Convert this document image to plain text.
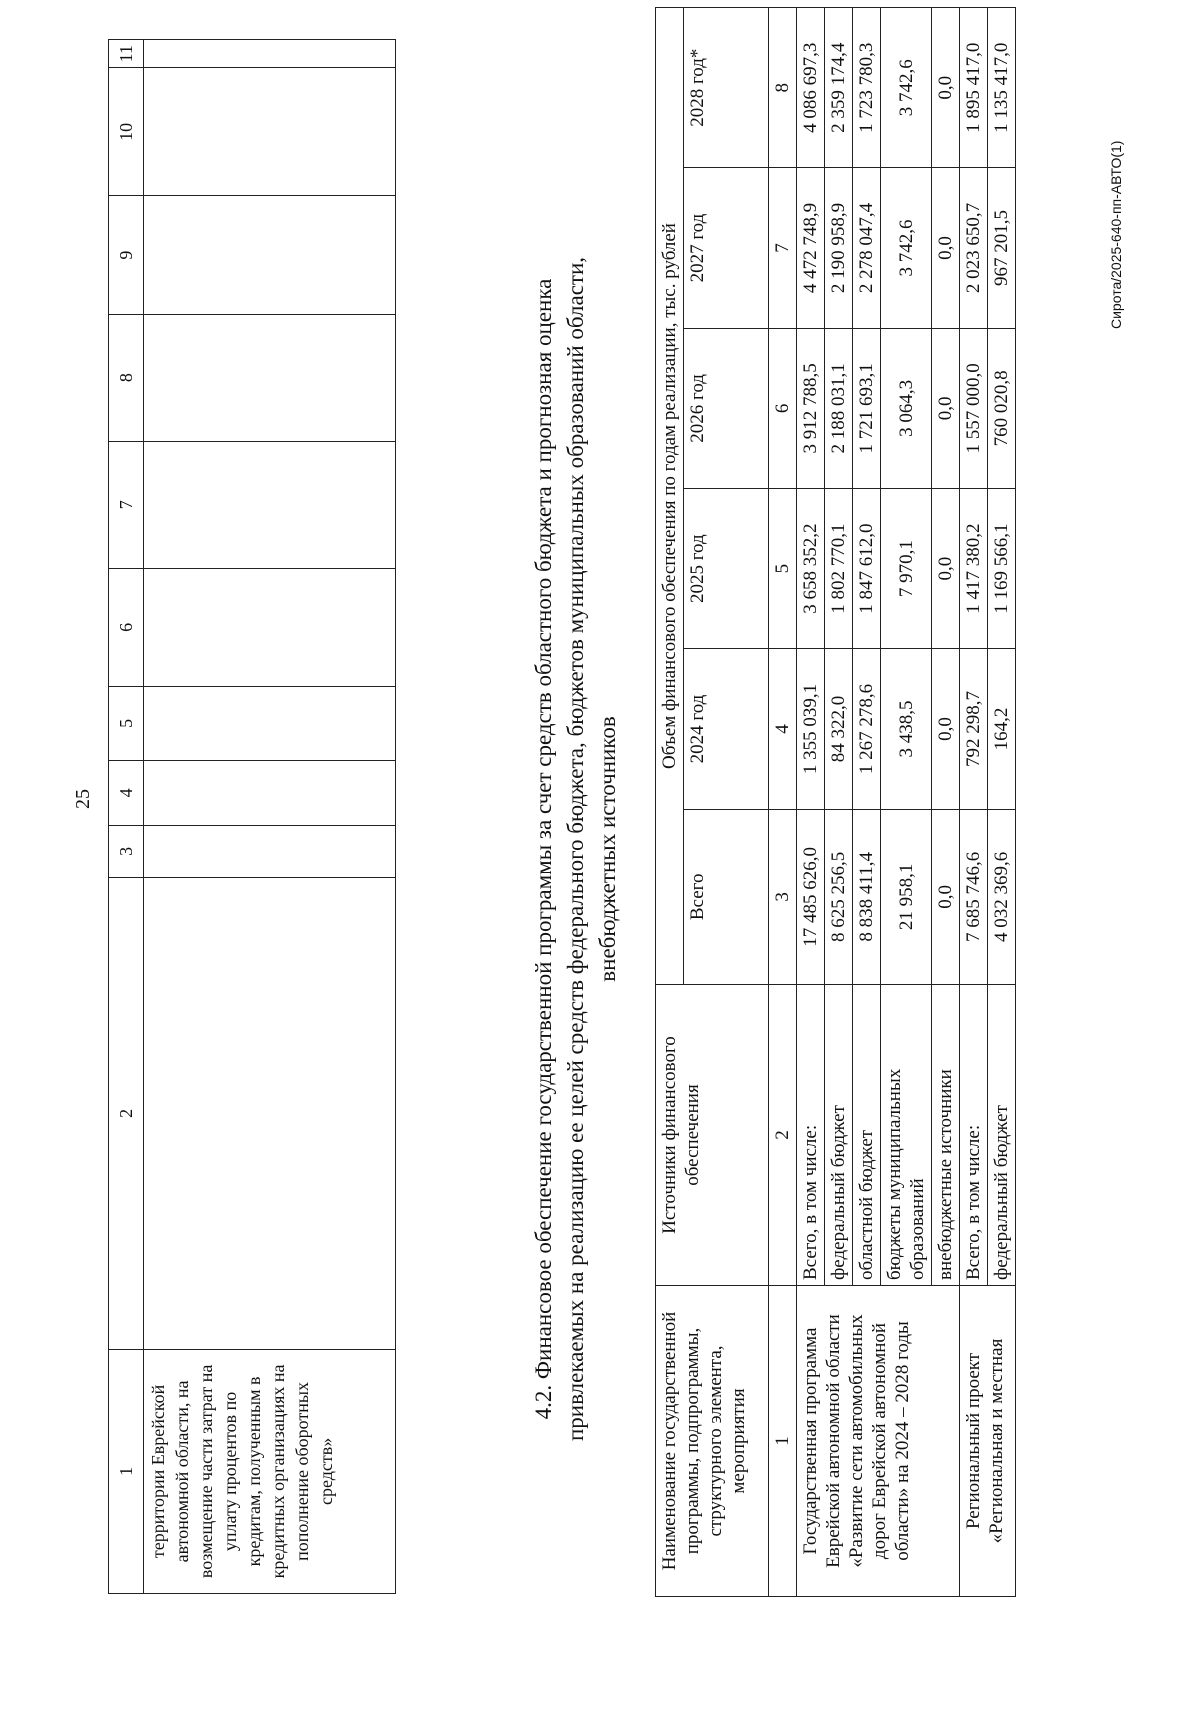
25
1	2	3	4	5	6	7	8	9	10	11
территории Еврейской автономной области, на возмещение части затрат на уплату процентов по кредитам, полученным в кредитных организациях на пополнение оборотных средств»										
4.2. Финансовое обеспечение государственной программы за счет средств областного бюджета и прогнозная оценка привлекаемых на реализацию ее целей средств федерального бюджета, бюджетов муниципальных образований области, внебюджетных источников
Наименование государственной программы, подпрограммы, структурного элемента, мероприятия	Источники финансового обеспечения	Объем финансового обеспечения по годам реализации, тыс. рублей					
		Всего	2024 год	2025 год	2026 год	2027 год	2028 год*
1	2	3	4	5	6	7	8
Государственная программа Еврейской автономной области «Развитие сети автомобильных дорог Еврейской автономной области» на 2024 – 2028 годы	Всего, в том числе:	17 485 626,0	1 355 039,1	3 658 352,2	3 912 788,5	4 472 748,9	4 086 697,3
	федеральный бюджет	8 625 256,5	84 322,0	1 802 770,1	2 188 031,1	2 190 958,9	2 359 174,4
	областной бюджет	8 838 411,4	1 267 278,6	1 847 612,0	1 721 693,1	2 278 047,4	1 723 780,3
	бюджеты муниципальных образований	21 958,1	3 438,5	7 970,1	3 064,3	3 742,6	3 742,6
	внебюджетные источники	0,0	0,0	0,0	0,0	0,0	0,0
Региональный проект «Региональная и местная	Всего, в том числе:	7 685 746,6	792 298,7	1 417 380,2	1 557 000,0	2 023 650,7	1 895 417,0
	федеральный бюджет	4 032 369,6	164,2	1 169 566,1	760 020,8	967 201,5	1 135 417,0
Сирота/2025-640-пп-АВТО(1)
